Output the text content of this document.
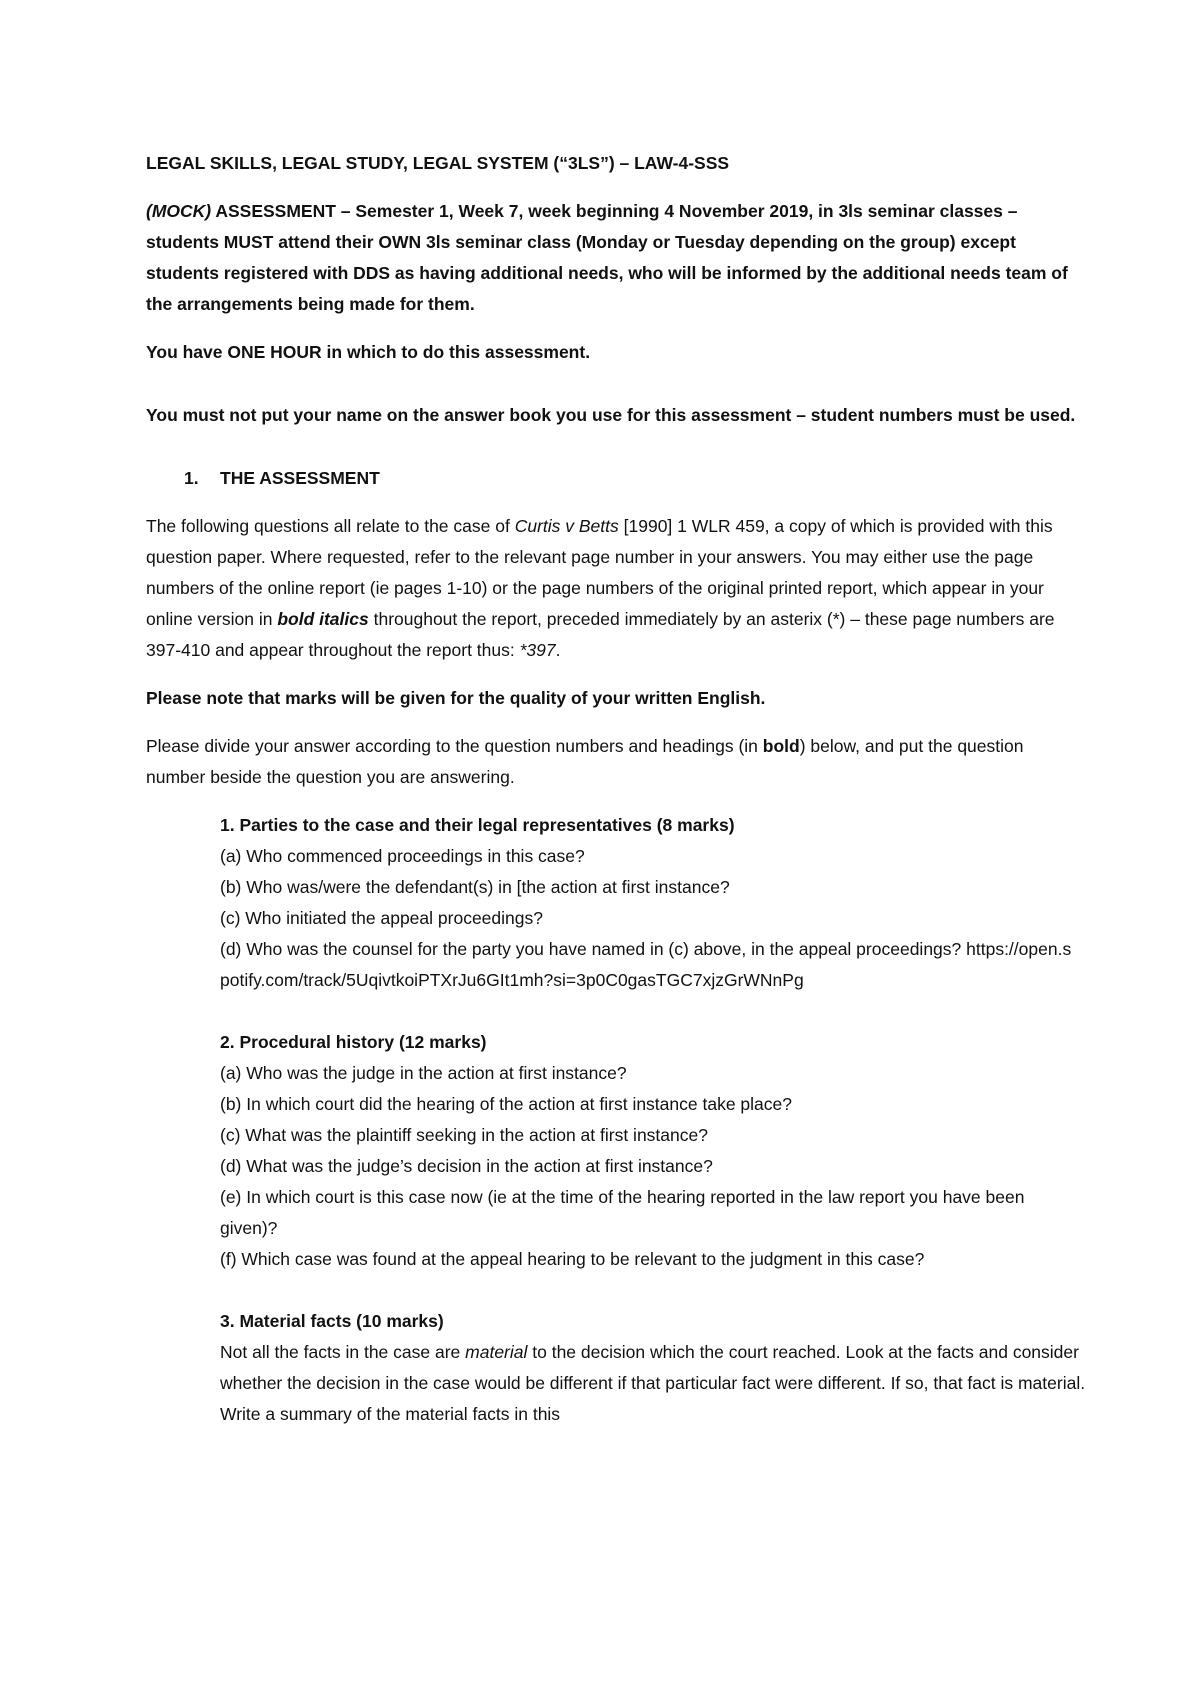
LEGAL SKILLS, LEGAL STUDY, LEGAL SYSTEM (“3LS”) – LAW-4-SSS

(MOCK) ASSESSMENT – Semester 1, Week 7, week beginning 4 November 2019, in 3ls seminar classes – students MUST attend their OWN 3ls seminar class (Monday or Tuesday depending on the group) except students registered with DDS as having additional needs, who will be informed by the additional needs team of the arrangements being made for them.

You have ONE HOUR in which to do this assessment.

You must not put your name on the answer book you use for this assessment – student numbers must be used.

1.	THE ASSESSMENT

The following questions all relate to the case of Curtis v Betts [1990] 1 WLR 459, a copy of which is provided with this question paper. Where requested, refer to the relevant page number in your answers. You may either use the page numbers of the online report (ie pages 1-10) or the page numbers of the original printed report, which appear in your online version in bold italics throughout the report, preceded immediately by an asterix (*) – these page numbers are 397-410 and appear throughout the report thus: *397.

Please note that marks will be given for the quality of your written English.

Please divide your answer according to the question numbers and headings (in bold) below, and put the question number beside the question you are answering.

1. Parties to the case and their legal representatives (8 marks)

(a) Who commenced proceedings in this case?

(b) Who was/were the defendant(s) in [the action at first instance?

(c) Who initiated the appeal proceedings?

(d) Who was the counsel for the party you have named in (c) above, in the appeal proceedings? https://open.spotify.com/track/5UqivtkoiPTXrJu6GIt1mh?si=3p0C0gasTGC7xjzGrWNnPg

2. Procedural history (12 marks)

(a) Who was the judge in the action at first instance?

(b) In which court did the hearing of the action at first instance take place?

(c) What was the plaintiff seeking in the action at first instance?

(d) What was the judge’s decision in the action at first instance?

(e) In which court is this case now (ie at the time of the hearing reported in the law report you have been given)?

(f) Which case was found at the appeal hearing to be relevant to the judgment in this case?

3. Material facts (10 marks)

Not all the facts in the case are material to the decision which the court reached. Look at the facts and consider whether the decision in the case would be different if that particular fact were different. If so, that fact is material. Write a summary of the material facts in this
